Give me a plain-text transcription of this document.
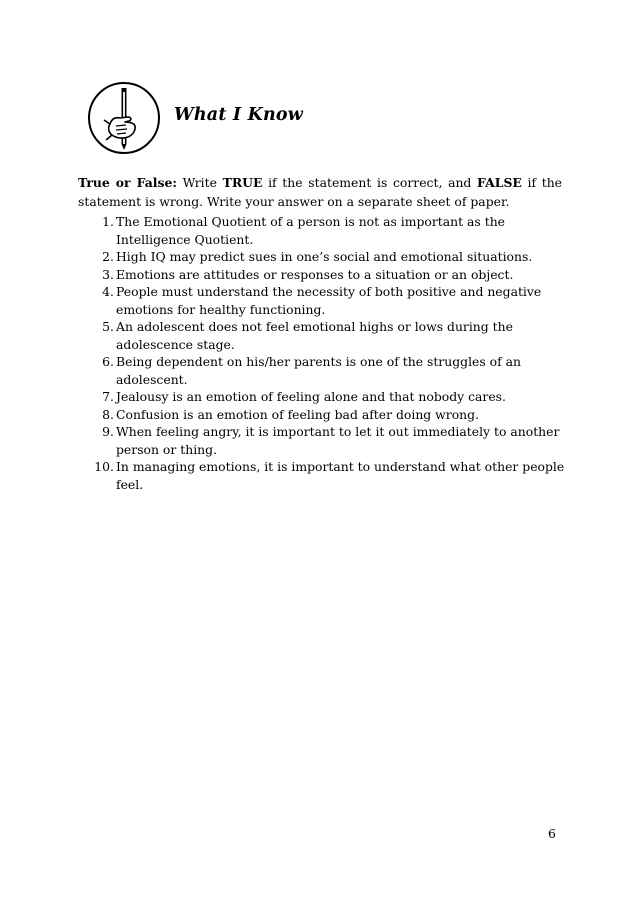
What I Know

True or False: Write TRUE if the statement is correct, and FALSE if the statement is wrong. Write your answer on a separate sheet of paper.

1. The Emotional Quotient of a person is not as important as the Intelligence Quotient.
2. High IQ may predict sues in one’s social and emotional situations.
3. Emotions are attitudes or responses to a situation or an object.
4. People must understand the necessity of both positive and negative emotions for healthy functioning.
5. An adolescent does not feel emotional highs or lows during the adolescence stage.
6. Being dependent on his/her parents is one of the struggles of an adolescent.
7. Jealousy is an emotion of feeling alone and that nobody cares.
8. Confusion is an emotion of feeling bad after doing wrong.
9. When feeling angry, it is important to let it out immediately to another person or thing.
10. In managing emotions, it is important to understand what other people feel.
6
